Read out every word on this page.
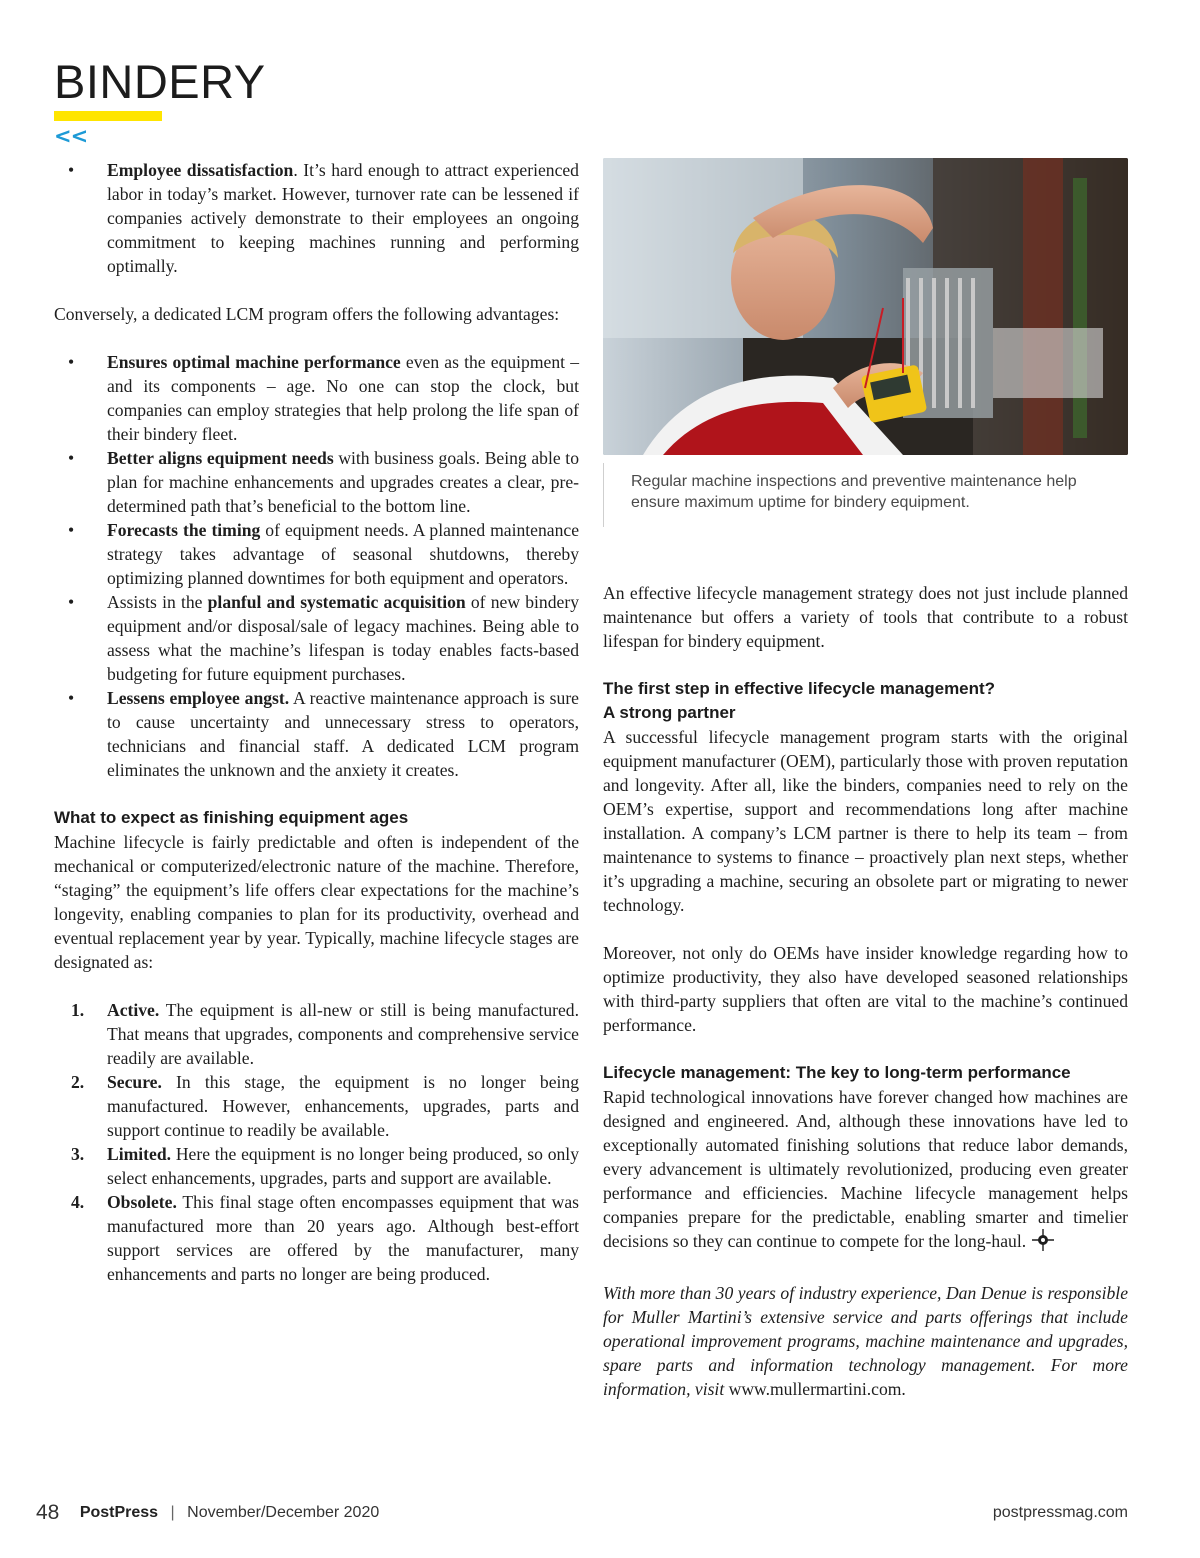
BINDERY

<<

• Employee dissatisfaction. It’s hard enough to attract experienced labor in today’s market. However, turnover rate can be lessened if companies actively demonstrate to their employees an ongoing commitment to keeping machines running and performing optimally.

Conversely, a dedicated LCM program offers the following advantages:

• Ensures optimal machine performance even as the equipment – and its components – age. No one can stop the clock, but companies can employ strategies that help prolong the life span of their bindery fleet.
• Better aligns equipment needs with business goals. Being able to plan for machine enhancements and upgrades creates a clear, pre-determined path that’s beneficial to the bottom line.
• Forecasts the timing of equipment needs. A planned maintenance strategy takes advantage of seasonal shutdowns, thereby optimizing planned downtimes for both equipment and operators.
• Assists in the planful and systematic acquisition of new bindery equipment and/or disposal/sale of legacy machines. Being able to assess what the machine’s lifespan is today enables facts-based budgeting for future equipment purchases.
• Lessens employee angst. A reactive maintenance approach is sure to cause uncertainty and unnecessary stress to operators, technicians and financial staff. A dedicated LCM program eliminates the unknown and the anxiety it creates.
What to expect as finishing equipment ages

Machine lifecycle is fairly predictable and often is independent of the mechanical or computerized/electronic nature of the machine. Therefore, “staging” the equipment’s life offers clear expectations for the machine’s longevity, enabling companies to plan for its productivity, overhead and eventual replacement year by year. Typically, machine lifecycle stages are designated as:

1. Active. The equipment is all-new or still is being manufactured. That means that upgrades, components and comprehensive service readily are available.
2. Secure. In this stage, the equipment is no longer being manufactured. However, enhancements, upgrades, parts and support continue to readily be available.
3. Limited. Here the equipment is no longer being produced, so only select enhancements, upgrades, parts and support are available.
4. Obsolete. This final stage often encompasses equipment that was manufactured more than 20 years ago. Although best-effort support services are offered by the manufacturer, many enhancements and parts no longer are being produced.

Regular machine inspections and preventive maintenance help ensure maximum uptime for bindery equipment.

An effective lifecycle management strategy does not just include planned maintenance but offers a variety of tools that contribute to a robust lifespan for bindery equipment.

The first step in effective lifecycle management?
A strong partner

A successful lifecycle management program starts with the original equipment manufacturer (OEM), particularly those with proven reputation and longevity. After all, like the binders, companies need to rely on the OEM’s expertise, support and recommendations long after machine installation. A company’s LCM partner is there to help its team – from maintenance to systems to finance – proactively plan next steps, whether it’s upgrading a machine, securing an obsolete part or migrating to newer technology.

Moreover, not only do OEMs have insider knowledge regarding how to optimize productivity, they also have developed seasoned relationships with third-party suppliers that often are vital to the machine’s continued performance.

Lifecycle management: The key to long-term performance

Rapid technological innovations have forever changed how machines are designed and engineered. And, although these innovations have led to exceptionally automated finishing solutions that reduce labor demands, every advancement is ultimately revolutionized, producing even greater performance and efficiencies. Machine lifecycle management helps companies prepare for the predictable, enabling smarter and timelier decisions so they can continue to compete for the long-haul.

With more than 30 years of industry experience, Dan Denue is responsible for Muller Martini’s extensive service and parts offerings that include operational improvement programs, machine maintenance and upgrades, spare parts and information technology management. For more information, visit www.mullermartini.com.

48 PostPress | November/December 2020	postpressmag.com
